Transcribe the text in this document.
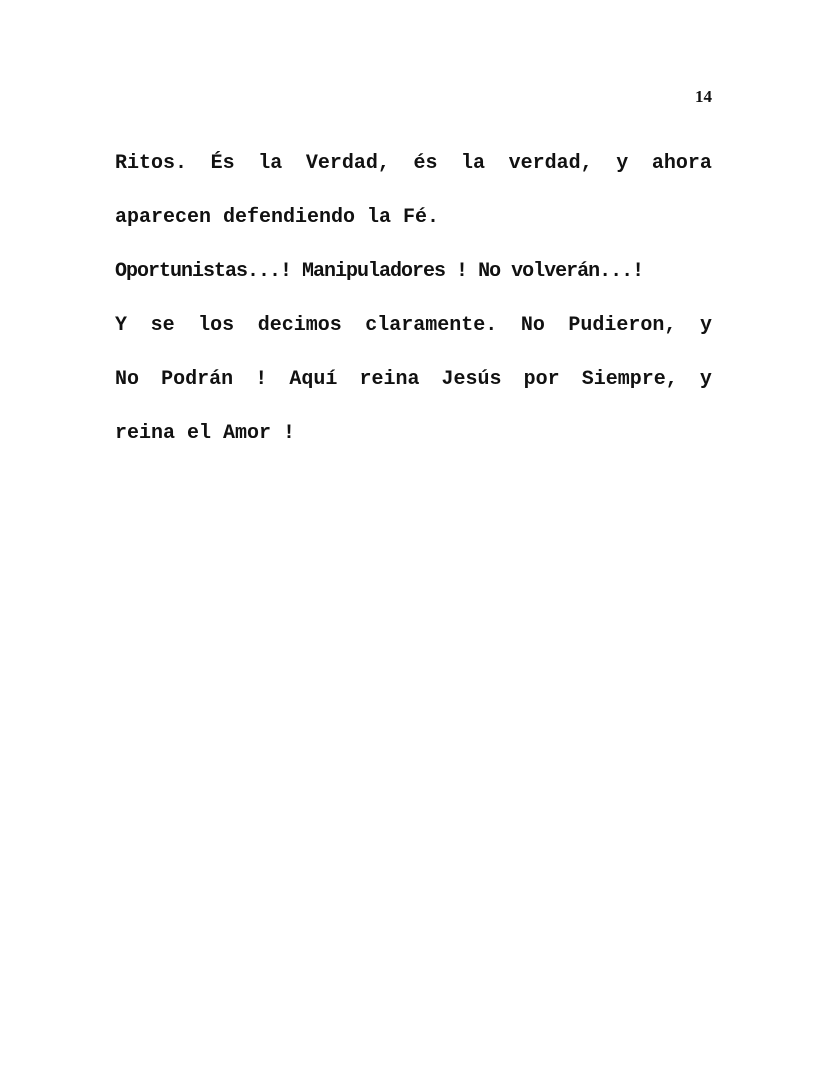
14
Ritos. És la Verdad, és la verdad, y ahora
aparecen defendiendo la Fé.
Oportunistas...! Manipuladores ! No volverán...!
Y se los decimos claramente. No Pudieron, y
No Podrán ! Aquí reina Jesús por Siempre, y
reina el Amor !
